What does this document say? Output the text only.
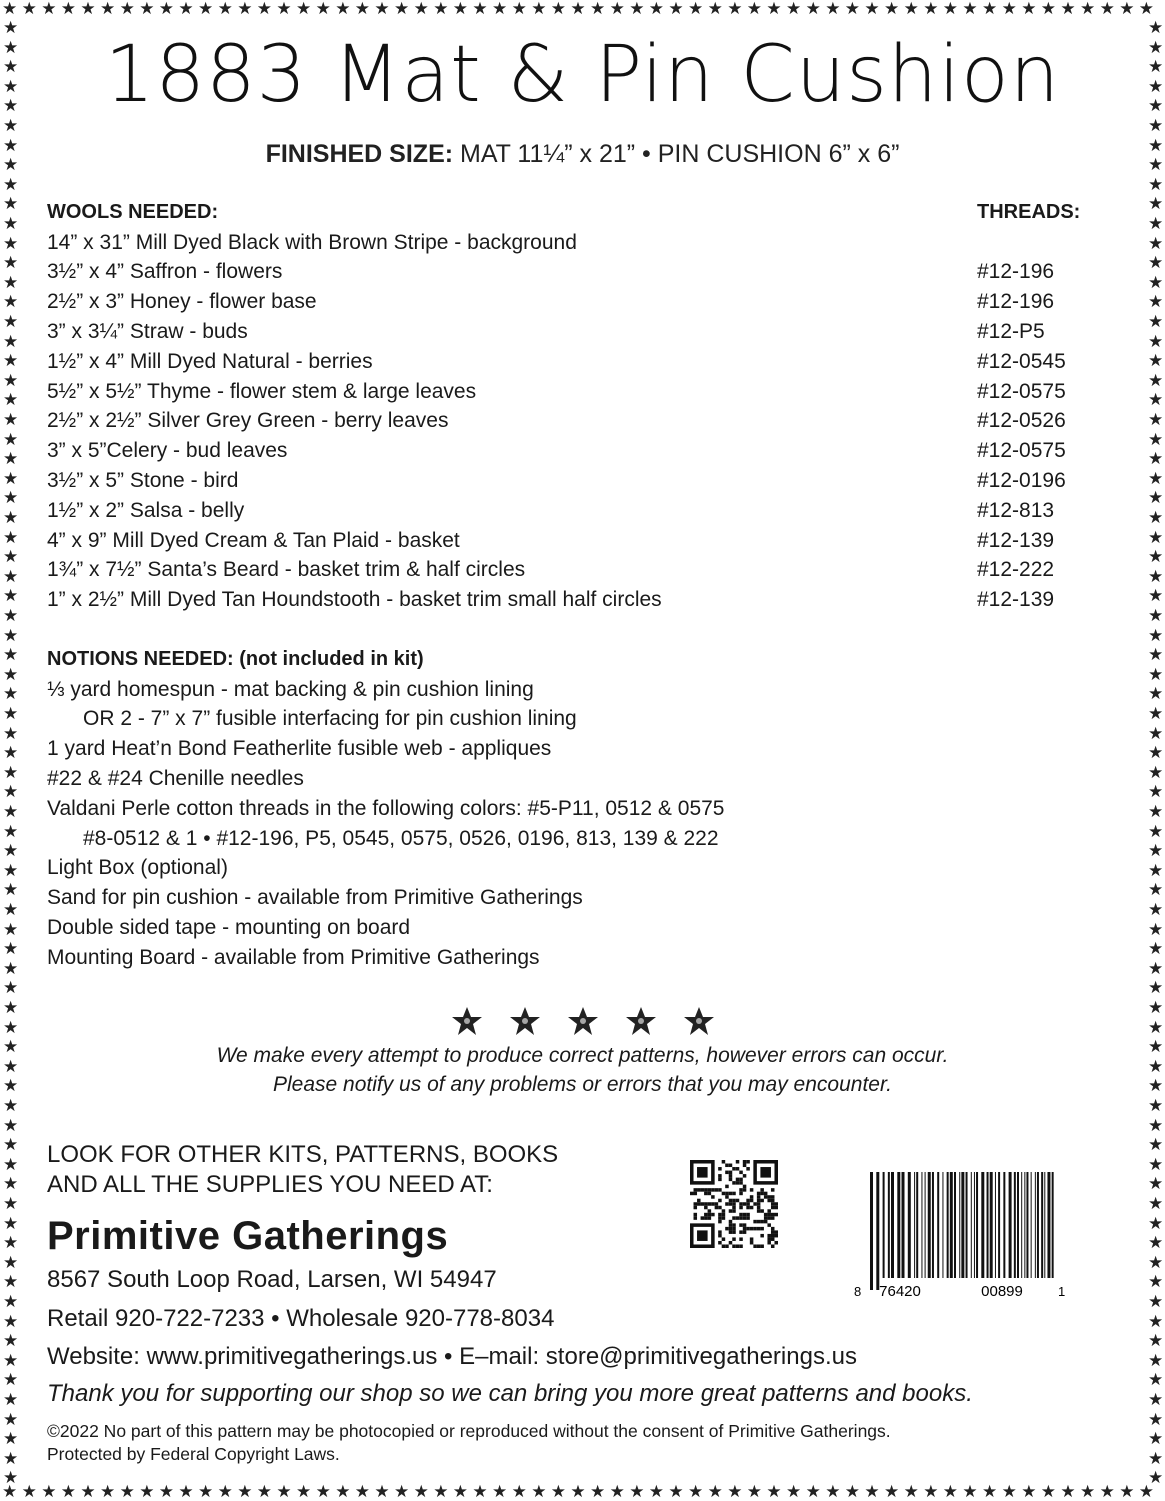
★
★
★
★
★
★
★
★
★
★
★
★
★
★
★
★
★
★
★
★
★
★
★
★
★
★
★
★
★
★
★
★
★
★
★
★
★
★
★
★
★
★
★
★
★
★
★
★
★
★
★
★
★
★
★
★
★
★
★
★
★
★
★
★
★
★
★
★
★
★
★
★
★
★
★
★
★
★
★
★
★
★
★
★
★
★
★
★
★
★
★
★
★
★
★
★
★
★
★
★
★
★
★
★
★
★
★
★
★
★
★
★
★
★
★
★
★
★
★	★
★	★
★	★
★	★
★	★
★	★
★	★
★	★
★	★
★	★
★	★
★	★
★	★
★	★
★	★
★	★
★	★
★	★
★	★
★	★
★	★
★	★
★	★
★	★
★	★
★	★
★	★
★	★
★	★
★	★
★	★
★	★
★	★
★	★
★	★
★	★
★	★
★	★
★	★
★	★
★	★
★	★
★	★
★	★
★	★
★	★
★	★
★	★
★	★
★	★
★	★
★	★
★	★
★	★
★	★
★	★
★	★
★	★
★	★
★	★
★	★
★	★
★	★
★	★
★	★
★	★
★	★
★	★
★	★
★	★
★	★
★	★
★	★
★	★
★	★
1883 Mat & Pin Cushion
FINISHED SIZE: MAT 11¼” x 21” • PIN CUSHION 6” x 6”
WOOLS NEEDED:	THREADS:
14” x 31” Mill Dyed Black with Brown Stripe - background
3½” x 4” Saffron - flowers	#12-196
2½” x 3” Honey - flower base	#12-196
3” x 3¼” Straw - buds	#12-P5
1½” x 4” Mill Dyed Natural - berries	#12-0545
5½” x 5½” Thyme - flower stem & large leaves	#12-0575
2½” x 2½” Silver Grey Green - berry leaves	#12-0526
3” x 5”Celery - bud leaves	#12-0575
3½” x 5” Stone - bird	#12-0196
1½” x 2” Salsa - belly	#12-813
4” x 9” Mill Dyed Cream & Tan Plaid - basket	#12-139
1¾” x 7½” Santa’s Beard - basket trim & half circles	#12-222
1” x 2½” Mill Dyed Tan Houndstooth - basket trim small half circles	#12-139
NOTIONS NEEDED: (not included in kit)
⅓ yard homespun - mat backing & pin cushion lining
OR 2 - 7” x 7” fusible interfacing for pin cushion lining
1 yard Heat’n Bond Featherlite fusible web - appliques
#22 & #24 Chenille needles
Valdani Perle cotton threads in the following colors: #5-P11, 0512 & 0575
#8-0512 & 1 • #12-196, P5, 0545, 0575, 0526, 0196, 813, 139 & 222
Light Box (optional)
Sand for pin cushion - available from Primitive Gatherings
Double sided tape - mounting on board
Mounting Board - available from Primitive Gatherings
We make every attempt to produce correct patterns, however errors can occur.
Please notify us of any problems or errors that you may encounter.
LOOK FOR OTHER KITS, PATTERNS, BOOKS
AND ALL THE SUPPLIES YOU NEED AT:
Primitive Gatherings
8567 South Loop Road, Larsen, WI 54947
Retail 920-722-7233 • Wholesale 920-778-8034
Website: www.primitivegatherings.us • E–mail: store@primitivegatherings.us
8 76420	00899	1
Thank you for supporting our shop so we can bring you more great patterns and books.
©2022 No part of this pattern may be photocopied or reproduced without the consent of Primitive Gatherings.
Protected by Federal Copyright Laws.
